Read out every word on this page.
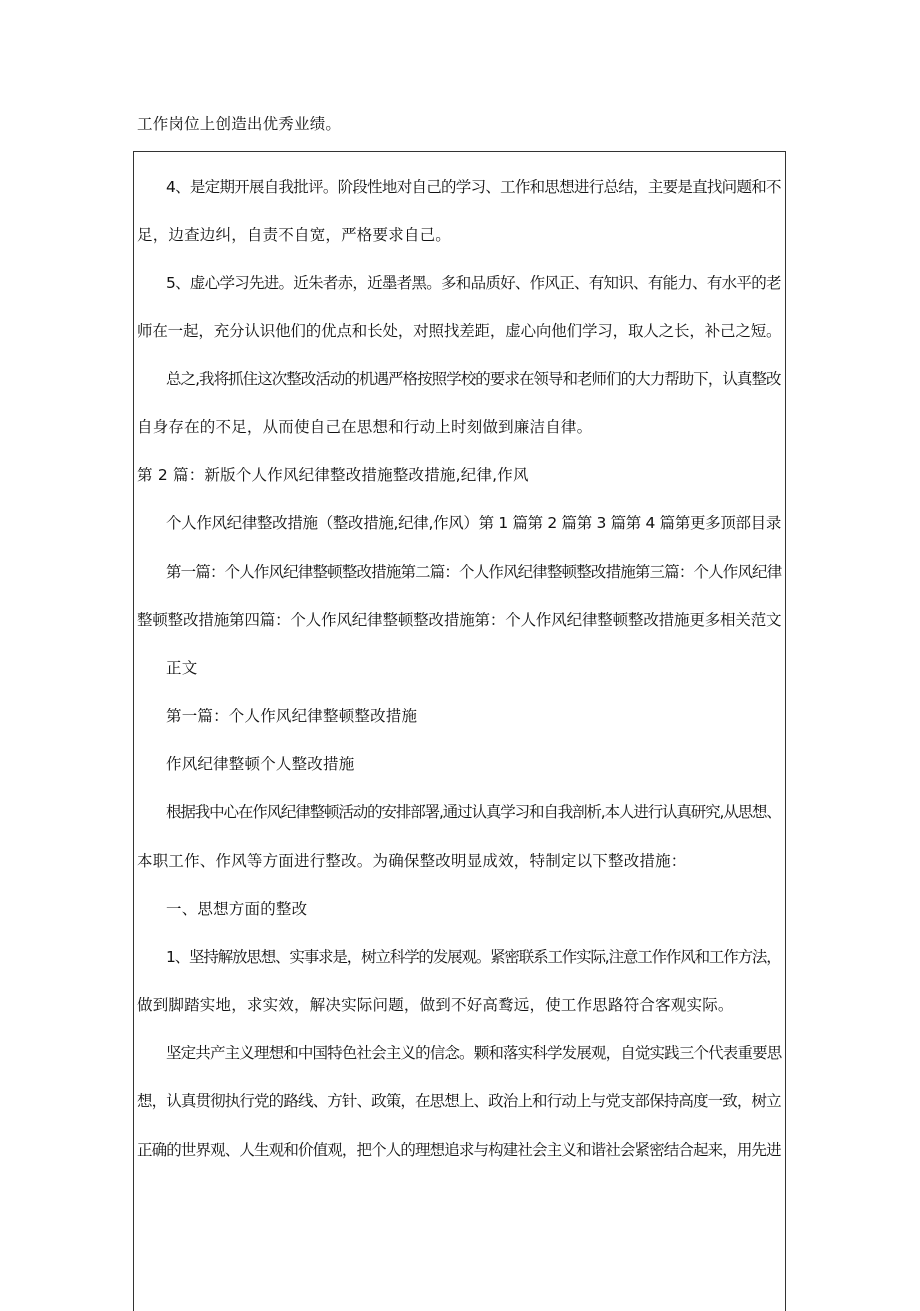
工作岗位上创造出优秀业绩。
4、是定期开展自我批评。阶段性地对自己的学习、工作和思想进行总结，主要是直找问题和不
足，边查边纠，自责不自宽，严格要求自己。
5、虚心学习先进。近朱者赤，近墨者黑。多和品质好、作风正、有知识、有能力、有水平的老
师在一起，充分认识他们的优点和长处，对照找差距，虚心向他们学习，取人之长，补己之短。
总之,我将抓住这次整改活动的机遇严格按照学校的要求在领导和老师们的大力帮助下，认真整改
自身存在的不足，从而使自己在思想和行动上时刻做到廉洁自律。
第 2 篇：新版个人作风纪律整改措施整改措施,纪律,作风
个人作风纪律整改措施（整改措施,纪律,作风）第 1 篇第 2 篇第 3 篇第 4 篇第更多顶部目录
第一篇：个人作风纪律整顿整改措施第二篇：个人作风纪律整顿整改措施第三篇：个人作风纪律
整顿整改措施第四篇：个人作风纪律整顿整改措施第：个人作风纪律整顿整改措施更多相关范文
正文
第一篇：个人作风纪律整顿整改措施
作风纪律整顿个人整改措施
根据我中心在作风纪律整顿活动的安排部署,通过认真学习和自我剖析,本人进行认真研究,从思想、
本职工作、作风等方面进行整改。为确保整改明显成效，特制定以下整改措施：
一、思想方面的整改
1、坚持解放思想、实事求是，树立科学的发展观。紧密联系工作实际,注意工作作风和工作方法，
做到脚踏实地，求实效，解决实际问题，做到不好高鹜远，使工作思路符合客观实际。
坚定共产主义理想和中国特色社会主义的信念。颗和落实科学发展观，自觉实践三个代表重要思
想，认真贯彻执行党的路线、方针、政策，在思想上、政治上和行动上与党支部保持高度一致，树立
正确的世界观、人生观和价值观，把个人的理想追求与构建社会主义和谐社会紧密结合起来，用先进
